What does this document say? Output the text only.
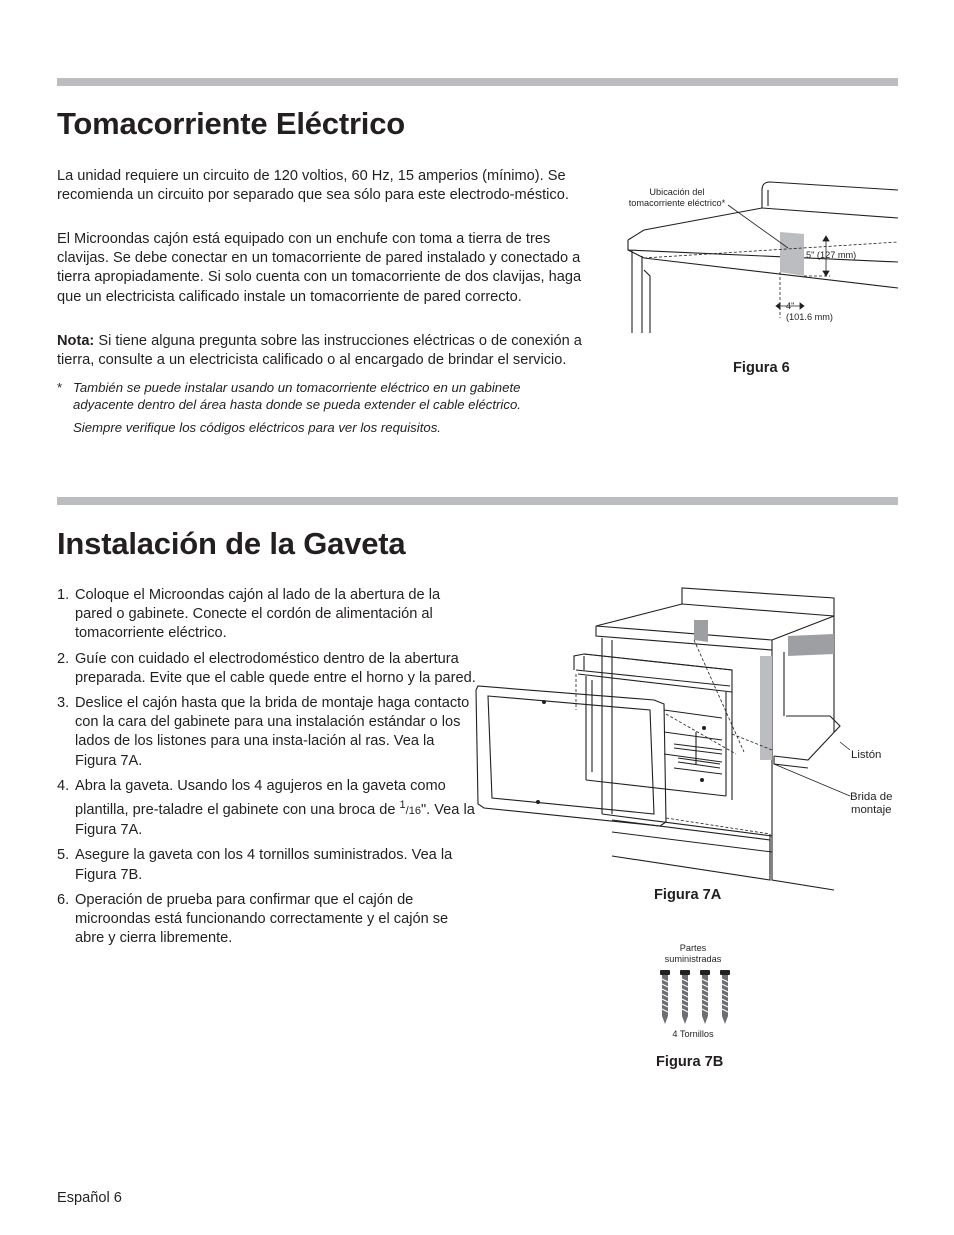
Tomacorriente Eléctrico

La unidad requiere un circuito de 120 voltios, 60 Hz, 15 amperios (mínimo). Se recomienda un circuito por separado que sea sólo para este electrodo-méstico.

El Microondas cajón está equipado con un enchufe con toma a tierra de tres clavijas. Se debe conectar en un tomacorriente de pared instalado y conectado a tierra apropiadamente. Si solo cuenta con un tomacorriente de dos clavijas, haga que un electricista calificado instale un tomacorriente de pared correcto.

Nota: Si tiene alguna pregunta sobre las instrucciones eléctricas o de conexión a tierra, consulte a un electricista calificado o al encargado de brindar el servicio.

* También se puede instalar usando un tomacorriente eléctrico en un gabinete adyacente dentro del área hasta donde se pueda extender el cable eléctrico.

Siempre verifique los códigos eléctricos para ver los requisitos.

Ubicación del
tomacorriente eléctrico*
5" (127 mm)
4"
(101.6 mm)
Figura 6
Instalación de la Gaveta
1. Coloque el Microondas cajón al lado de la abertura de la pared o gabinete. Conecte el cordón de alimentación al tomacorriente eléctrico.
2. Guíe con cuidado el electrodoméstico dentro de la abertura preparada. Evite que el cable quede entre el horno y la pared.
3. Deslice el cajón hasta que la brida de montaje haga contacto con la cara del gabinete para una instalación estándar o los lados de los listones para una insta-lación al ras. Vea la Figura 7A.
4. Abra la gaveta. Usando los 4 agujeros en la gaveta como plantilla, pre-taladre el gabinete con una broca de $^1$/16". Vea la Figura 7A.
5. Asegure la gaveta con los 4 tornillos suministrados. Vea la Figura 7B.
6. Operación de prueba para confirmar que el cajón de microondas está funcionando correctamente y el cajón se abre y cierra libremente.
Listón
Brida de
montaje
Figura 7A
Partes
suministradas
4 Tornillos
Figura 7B
Español 6
